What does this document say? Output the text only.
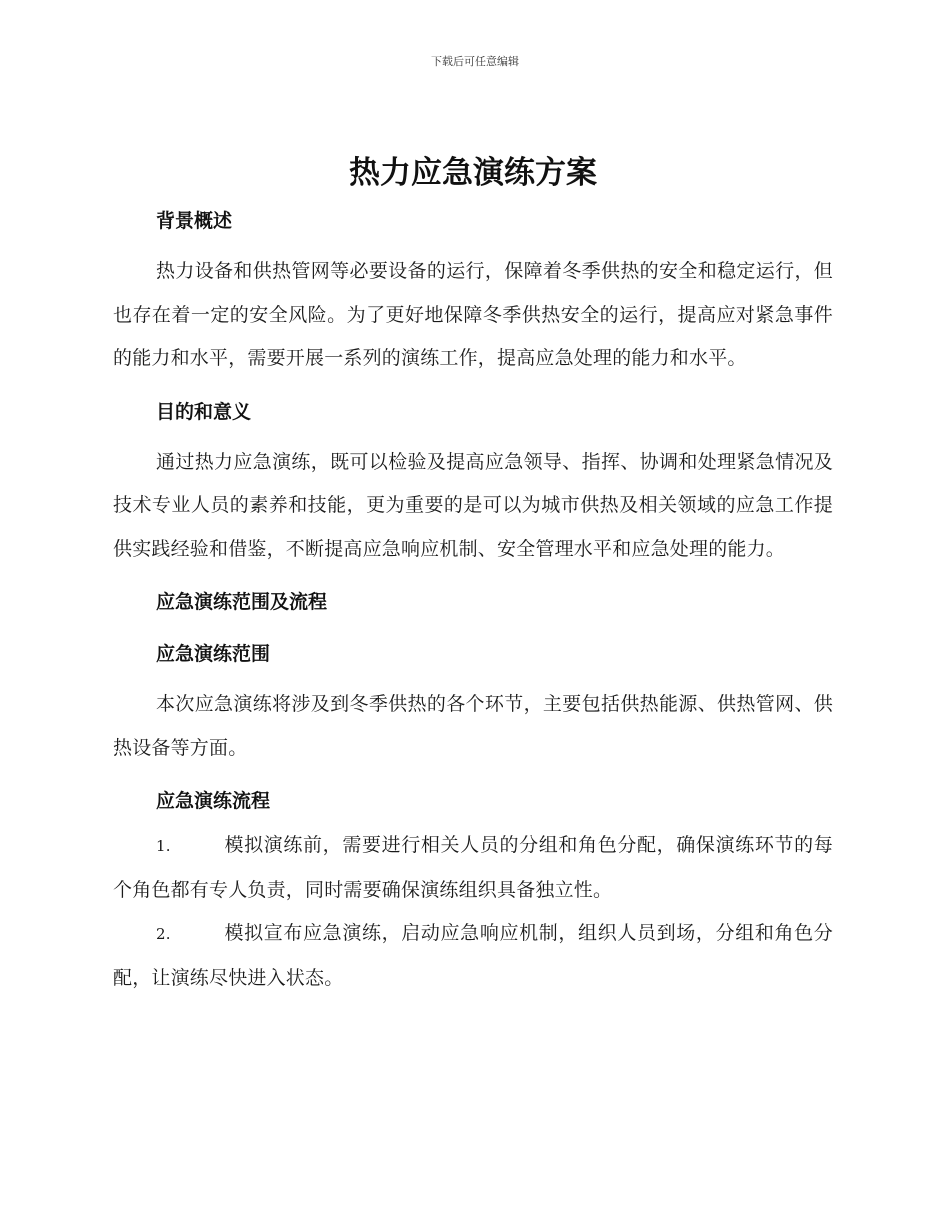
下载后可任意编辑
热力应急演练方案
背景概述

热力设备和供热管网等必要设备的运行，保障着冬季供热的安全和稳定运行，但也存在着一定的安全风险。为了更好地保障冬季供热安全的运行，提高应对紧急事件的能力和水平，需要开展一系列的演练工作，提高应急处理的能力和水平。

目的和意义

通过热力应急演练，既可以检验及提高应急领导、指挥、协调和处理紧急情况及技术专业人员的素养和技能，更为重要的是可以为城市供热及相关领域的应急工作提供实践经验和借鉴，不断提高应急响应机制、安全管理水平和应急处理的能力。

应急演练范围及流程
应急演练范围

本次应急演练将涉及到冬季供热的各个环节，主要包括供热能源、供热管网、供热设备等方面。

应急演练流程

1.	模拟演练前，需要进行相关人员的分组和角色分配，确保演练环节的每个角色都有专人负责，同时需要确保演练组织具备独立性。

2.	模拟宣布应急演练，启动应急响应机制，组织人员到场，分组和角色分配，让演练尽快进入状态。
